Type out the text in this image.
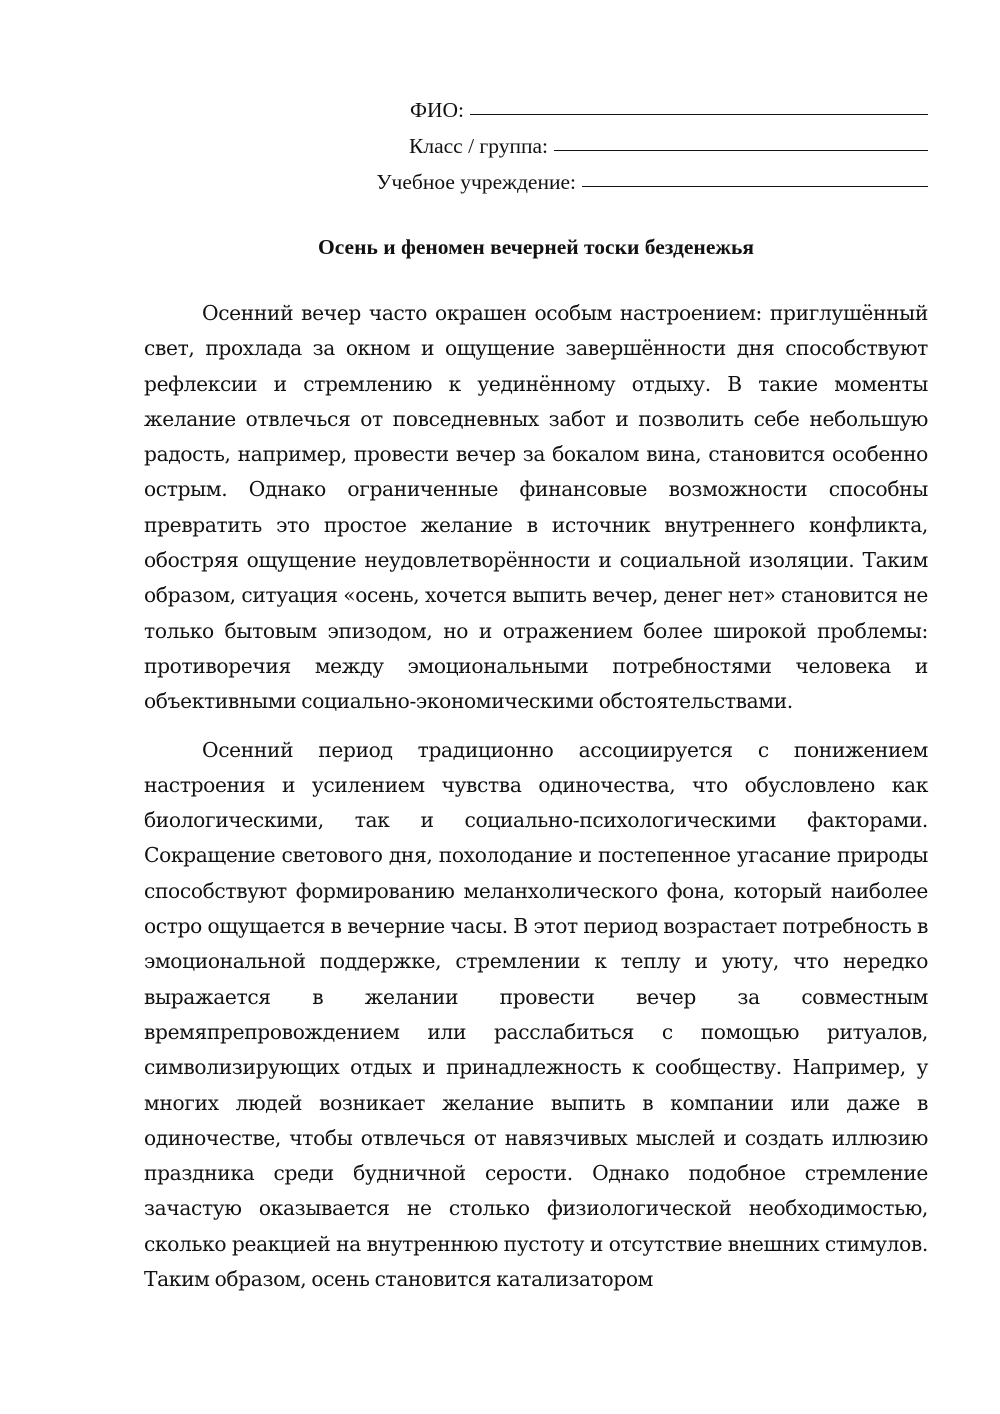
ФИО:
Класс / группа:
Учебное учреждение:
Осень и феномен вечерней тоски безденежья

Осенний вечер часто окрашен особым настроением: приглушённый свет, прохлада за окном и ощущение завершённости дня способствуют рефлексии и стремлению к уединённому отдыху. В такие моменты желание отвлечься от повседневных забот и позволить себе небольшую радость, например, провести вечер за бокалом вина, становится особенно острым. Однако ограниченные финансовые возможности способны превратить это простое желание в источник внутреннего конфликта, обостряя ощущение неудовлетворённости и социальной изоляции. Таким образом, ситуация «осень, хочется выпить вечер, денег нет» становится не только бытовым эпизодом, но и отражением более широкой проблемы: противоречия между эмоциональными потребностями человека и объективными социально-экономическими обстоятельствами.

Осенний период традиционно ассоциируется с понижением настроения и усилением чувства одиночества, что обусловлено как биологическими, так и социально-психологическими факторами. Сокращение светового дня, похолодание и постепенное угасание природы способствуют формированию меланхолического фона, который наиболее остро ощущается в вечерние часы. В этот период возрастает потребность в эмоциональной поддержке, стремлении к теплу и уюту, что нередко выражается в желании провести вечер за совместным времяпрепровождением или расслабиться с помощью ритуалов, символизирующих отдых и принадлежность к сообществу. Например, у многих людей возникает желание выпить в компании или даже в одиночестве, чтобы отвлечься от навязчивых мыслей и создать иллюзию праздника среди будничной серости. Однако подобное стремление зачастую оказывается не столько физиологической необходимостью, сколько реакцией на внутреннюю пустоту и отсутствие внешних стимулов. Таким образом, осень становится катализатором
